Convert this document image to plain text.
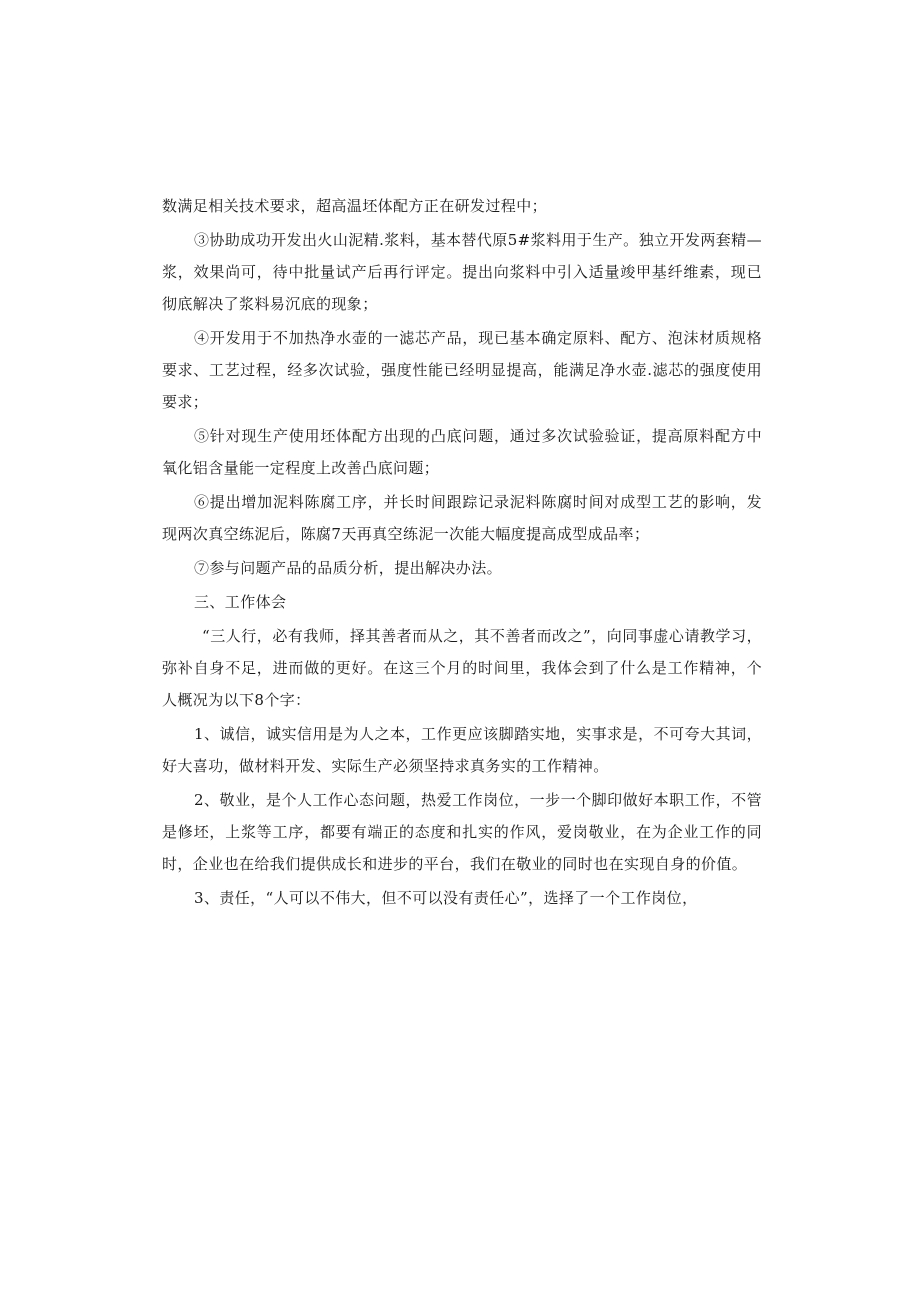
数满足相关技术要求，超高温坯体配方正在研发过程中；

③协助成功开发出火山泥精.浆料，基本替代原5#浆料用于生产。独立开发两套精—浆，效果尚可，待中批量试产后再行评定。提出向浆料中引入适量竣甲基纤维素，现已彻底解决了浆料易沉底的现象；

④开发用于不加热净水壶的一滤芯产品，现已基本确定原料、配方、泡沫材质规格要求、工艺过程，经多次试验，强度性能已经明显提高，能满足净水壶.滤芯的强度使用要求；

⑤针对现生产使用坯体配方出现的凸底问题，通过多次试验验证，提高原料配方中氧化铝含量能一定程度上改善凸底问题；

⑥提出增加泥料陈腐工序，并长时间跟踪记录泥料陈腐时间对成型工艺的影响，发现两次真空练泥后，陈腐7天再真空练泥一次能大幅度提高成型成品率；

⑦参与问题产品的品质分析，提出解决办法。

三、工作体会

“三人行，必有我师，择其善者而从之，其不善者而改之”，向同事虚心请教学习，弥补自身不足，进而做的更好。在这三个月的时间里，我体会到了什么是工作精神，个人概况为以下8个字：

1、诚信，诚实信用是为人之本，工作更应该脚踏实地，实事求是，不可夸大其词，好大喜功，做材料开发、实际生产必须坚持求真务实的工作精神。

2、敬业，是个人工作心态问题，热爱工作岗位，一步一个脚印做好本职工作，不管是修坯，上浆等工序，都要有端正的态度和扎实的作风，爱岗敬业，在为企业工作的同时，企业也在给我们提供成长和进步的平台，我们在敬业的同时也在实现自身的价值。

3、责任，“人可以不伟大，但不可以没有责任心”，选择了一个工作岗位，
